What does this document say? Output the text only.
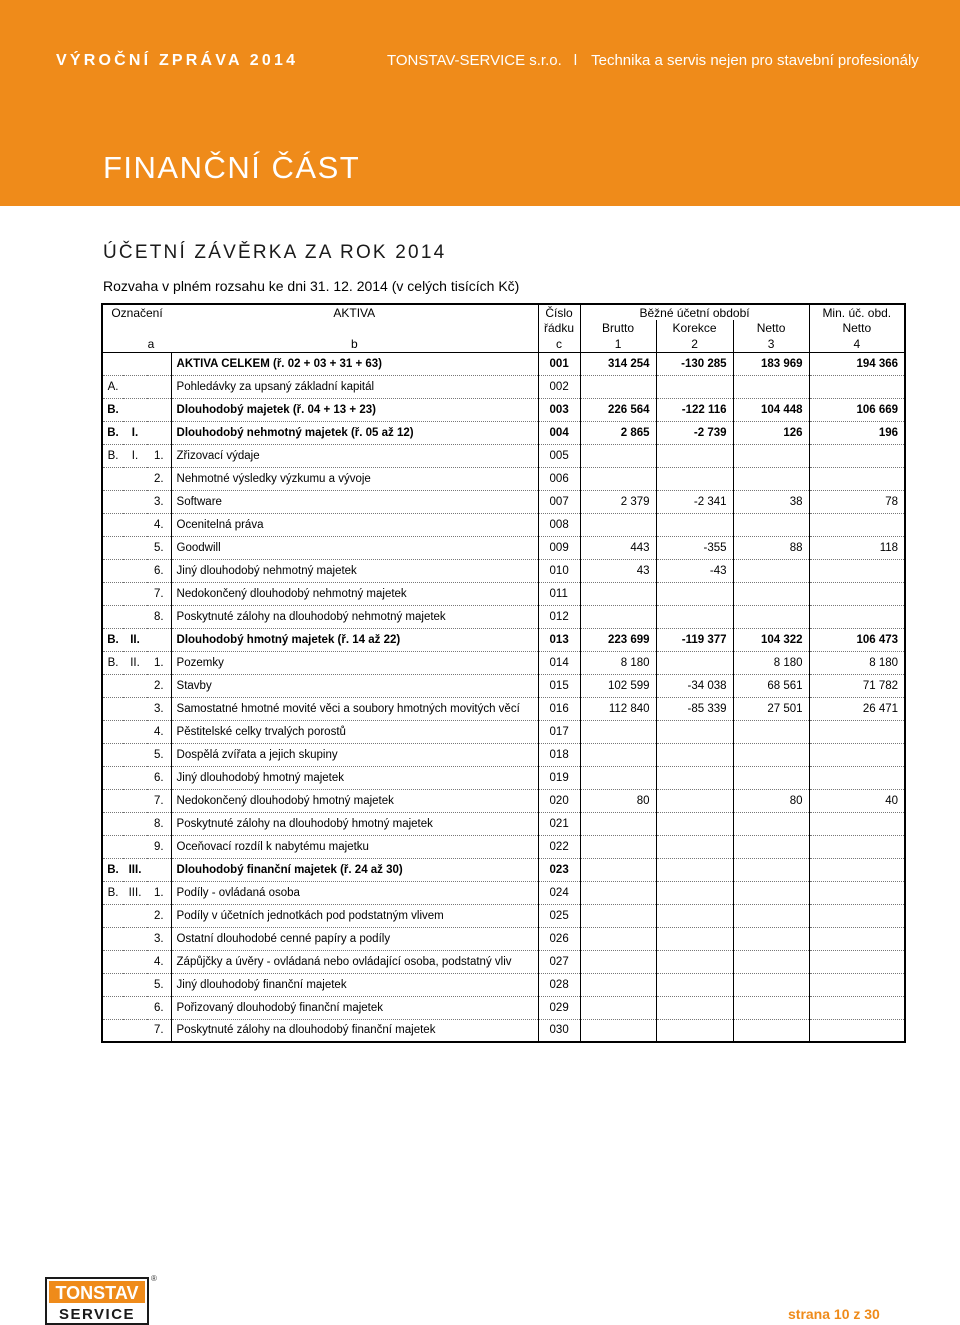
VÝROČNÍ ZPRÁVA 2014	TONSTAV-SERVICE s.r.o. l Technika a servis nejen pro stavební profesionály
FINANČNÍ ČÁST
ÚČETNÍ ZÁVĚRKA ZA ROK 2014
Rozvaha v plném rozsahu ke dni 31. 12. 2014 (v celých tisících Kč)
Označení			AKTIVA	Číslo	Běžné účetní období			Min. úč. obd.
				řádku	Brutto	Korekce	Netto	Netto
a			b	c	1	2	3	4
			AKTIVA CELKEM (ř. 02 + 03 + 31 + 63)	001	314 254	-130 285	183 969	194 366
A.			Pohledávky za upsaný základní kapitál	002				
B.			Dlouhodobý majetek (ř. 04 + 13 + 23)	003	226 564	-122 116	104 448	106 669
B.	I.		Dlouhodobý nehmotný majetek (ř. 05 až 12)	004	2 865	-2 739	126	196
B.	I.	1.	Zřizovací výdaje	005				
		2.	Nehmotné výsledky výzkumu a vývoje	006				
		3.	Software	007	2 379	-2 341	38	78
		4.	Ocenitelná práva	008				
		5.	Goodwill	009	443	-355	88	118
		6.	Jiný dlouhodobý nehmotný majetek	010	43	-43		
		7.	Nedokončený dlouhodobý nehmotný majetek	011				
		8.	Poskytnuté zálohy na dlouhodobý nehmotný majetek	012				
B.	II.		Dlouhodobý hmotný majetek (ř. 14 až 22)	013	223 699	-119 377	104 322	106 473
B.	II.	1.	Pozemky	014	8 180		8 180	8 180
		2.	Stavby	015	102 599	-34 038	68 561	71 782
		3.	Samostatné hmotné movité věci a soubory hmotných movitých věcí	016	112 840	-85 339	27 501	26 471
		4.	Pěstitelské celky trvalých porostů	017				
		5.	Dospělá zvířata a jejich skupiny	018				
		6.	Jiný dlouhodobý hmotný majetek	019				
		7.	Nedokončený dlouhodobý hmotný majetek	020	80		80	40
		8.	Poskytnuté zálohy na dlouhodobý hmotný majetek	021				
		9.	Oceňovací rozdíl k nabytému majetku	022				
B.	III.		Dlouhodobý finanční majetek (ř. 24 až 30)	023				
B.	III.	1.	Podíly - ovládaná osoba	024				
		2.	Podíly v účetních jednotkách pod podstatným vlivem	025				
		3.	Ostatní dlouhodobé cenné papíry a podíly	026				
		4.	Zápůjčky a úvěry - ovládaná nebo ovládající osoba, podstatný vliv	027				
		5.	Jiný dlouhodobý finanční majetek	028				
		6.	Pořizovaný dlouhodobý finanční majetek	029				
		7.	Poskytnuté zálohy na dlouhodobý finanční majetek	030				
TONSTAV
SERVICE
®
strana 10 z 30
